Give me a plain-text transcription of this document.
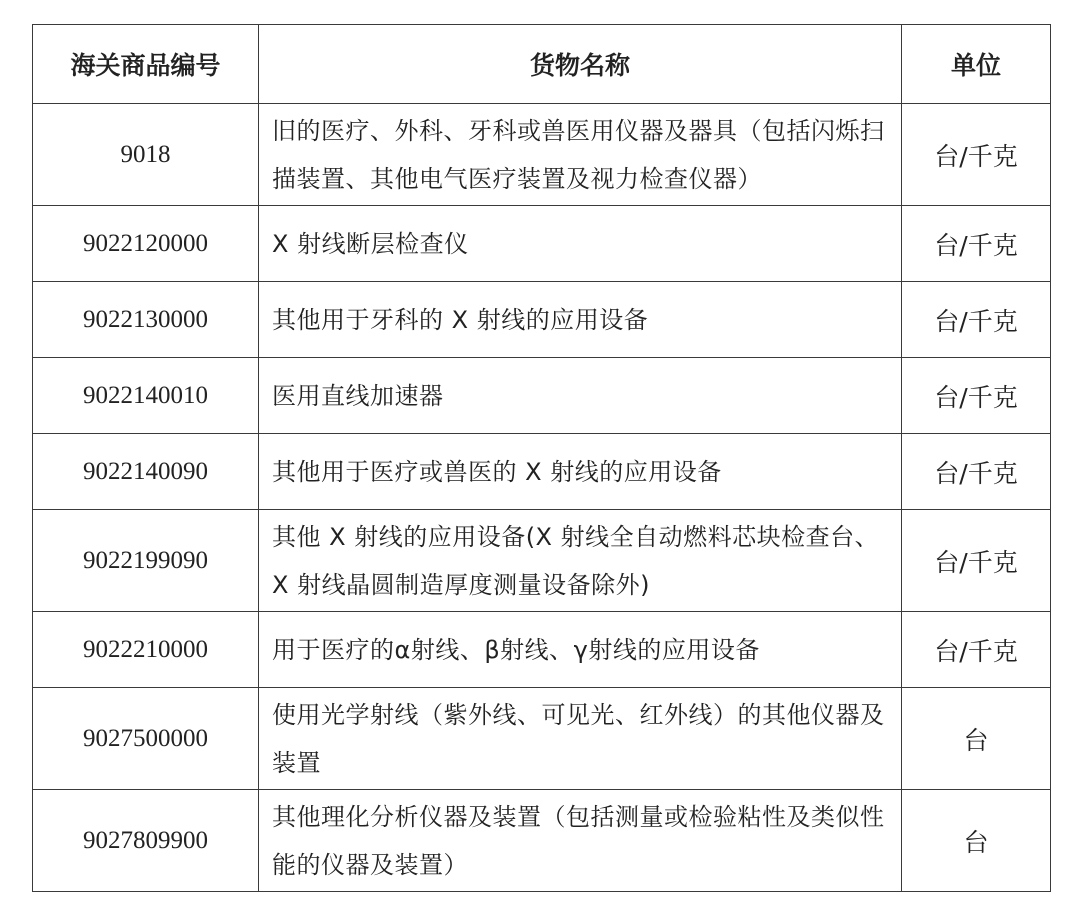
海关商品编号	货物名称	单位
9018	旧的医疗、外科、牙科或兽医用仪器及器具（包括闪烁扫描装置、其他电气医疗装置及视力检查仪器）	台/千克
9022120000	X 射线断层检查仪	台/千克
9022130000	其他用于牙科的 X 射线的应用设备	台/千克
9022140010	医用直线加速器	台/千克
9022140090	其他用于医疗或兽医的 X 射线的应用设备	台/千克
9022199090	其他 X 射线的应用设备(X 射线全自动燃料芯块检查台、X 射线晶圆制造厚度测量设备除外)	台/千克
9022210000	用于医疗的α射线、β射线、γ射线的应用设备	台/千克
9027500000	使用光学射线（紫外线、可见光、红外线）的其他仪器及装置	台
9027809900	其他理化分析仪器及装置（包括测量或检验粘性及类似性能的仪器及装置）	台
